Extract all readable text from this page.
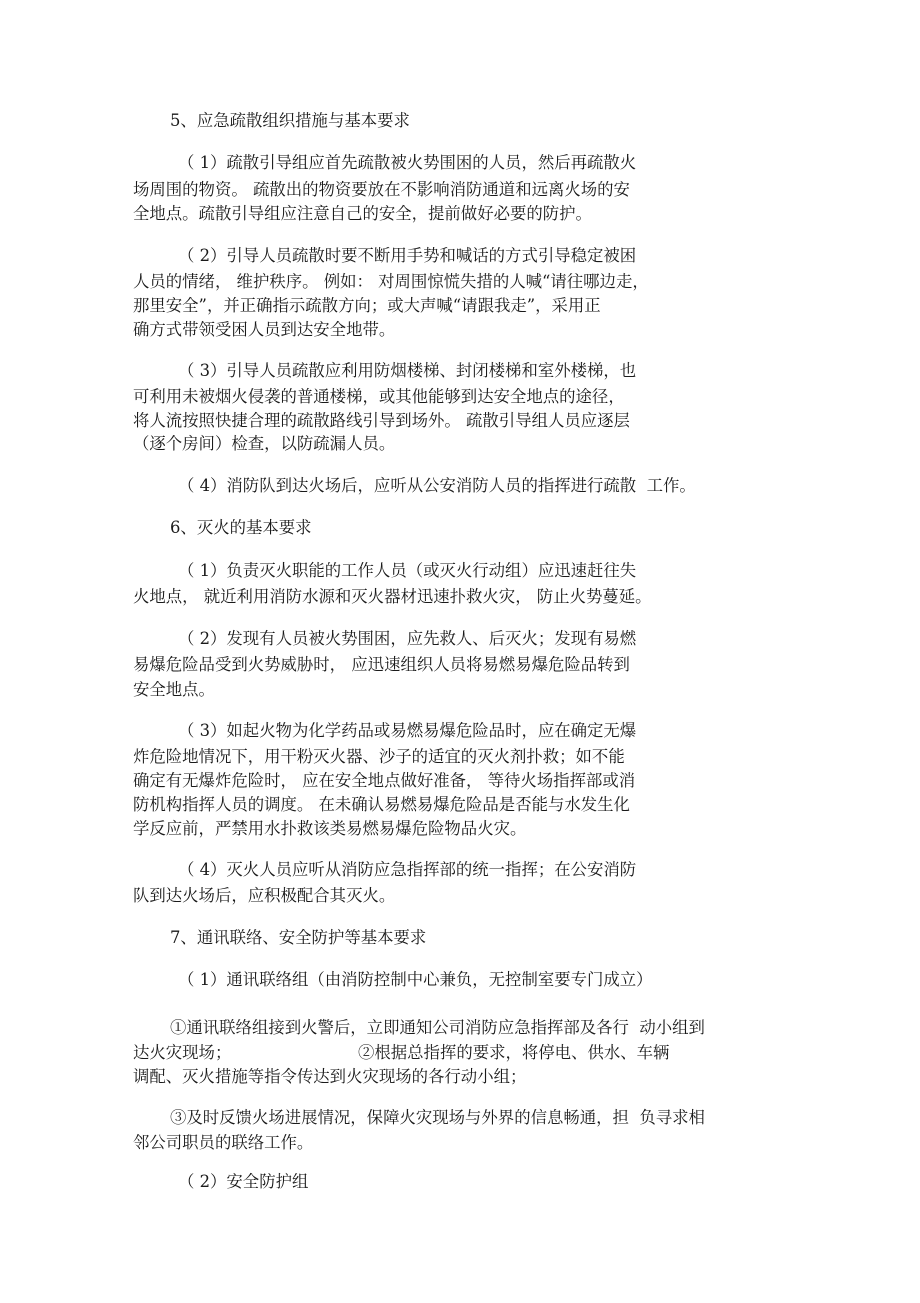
5、应急疏散组织措施与基本要求
（ 1）疏散引导组应首先疏散被火势围困的人员，然后再疏散火
场周围的物资。 疏散出的物资要放在不影响消防通道和远离火场的安
全地点。疏散引导组应注意自己的安全，提前做好必要的防护。
（ 2）引导人员疏散时要不断用手势和喊话的方式引导稳定被困
人员的情绪， 维护秩序。 例如： 对周围惊慌失措的人喊“请往哪边走，
那里安全”，并正确指示疏散方向；或大声喊“请跟我走”，采用正
确方式带领受困人员到达安全地带。
（ 3）引导人员疏散应利用防烟楼梯、封闭楼梯和室外楼梯，也
可利用未被烟火侵袭的普通楼梯，或其他能够到达安全地点的途径，
将人流按照快捷合理的疏散路线引导到场外。 疏散引导组人员应逐层
（逐个房间）检查，以防疏漏人员。
（ 4）消防队到达火场后，应听从公安消防人员的指挥进行疏散  工作。
6、灭火的基本要求
（ 1）负责灭火职能的工作人员（或灭火行动组）应迅速赶往失
火地点， 就近利用消防水源和灭火器材迅速扑救火灾， 防止火势蔓延。
（ 2）发现有人员被火势围困，应先救人、后灭火；发现有易燃
易爆危险品受到火势威胁时， 应迅速组织人员将易燃易爆危险品转到
安全地点。
（ 3）如起火物为化学药品或易燃易爆危险品时，应在确定无爆
炸危险地情况下，用干粉灭火器、沙子的适宜的灭火剂扑救；如不能
确定有无爆炸危险时， 应在安全地点做好准备， 等待火场指挥部或消
防机构指挥人员的调度。 在未确认易燃易爆危险品是否能与水发生化
学反应前，严禁用水扑救该类易燃易爆危险物品火灾。
（ 4）灭火人员应听从消防应急指挥部的统一指挥；在公安消防
队到达火场后，应积极配合其灭火。
7、通讯联络、安全防护等基本要求
（ 1）通讯联络组（由消防控制中心兼负，无控制室要专门成立）
①通讯联络组接到火警后，立即通知公司消防应急指挥部及各行  动小组到
达火灾现场；	②根据总指挥的要求，将停电、供水、车辆
调配、灭火措施等指令传达到火灾现场的各行动小组；
③及时反馈火场进展情况，保障火灾现场与外界的信息畅通，担  负寻求相
邻公司职员的联络工作。
（ 2）安全防护组
